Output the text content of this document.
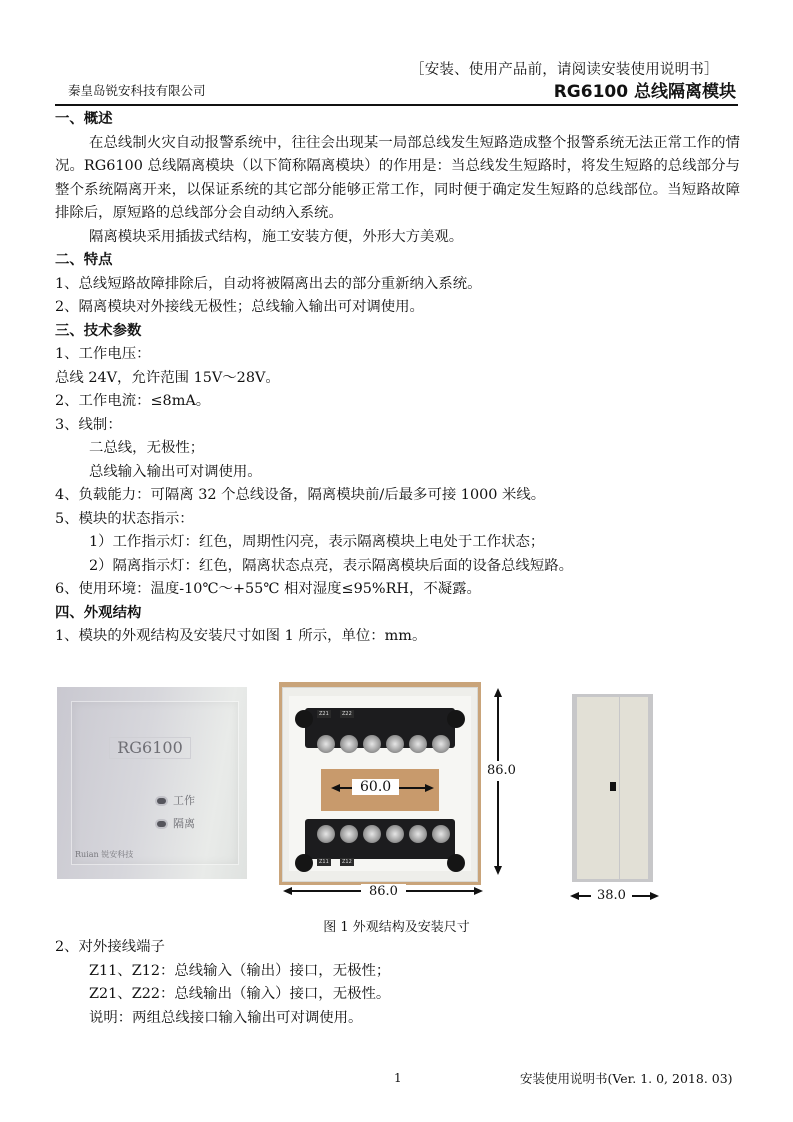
［安装、使用产品前，请阅读安装使用说明书］
秦皇岛锐安科技有限公司	RG6100 总线隔离模块

一、概述

在总线制火灾自动报警系统中，往往会出现某一局部总线发生短路造成整个报警系统无法正常工作的情况。RG6100 总线隔离模块（以下简称隔离模块）的作用是：当总线发生短路时，将发生短路的总线部分与整个系统隔离开来，以保证系统的其它部分能够正常工作，同时便于确定发生短路的总线部位。当短路故障排除后，原短路的总线部分会自动纳入系统。

隔离模块采用插拔式结构，施工安装方便，外形大方美观。

二、特点

1、总线短路故障排除后，自动将被隔离出去的部分重新纳入系统。

2、隔离模块对外接线无极性；总线输入输出可对调使用。

三、技术参数

1、工作电压：

总线 24V，允许范围 15V～28V。

2、工作电流：≤8mA。

3、线制：

二总线，无极性；

总线输入输出可对调使用。

4、负载能力：可隔离 32 个总线设备，隔离模块前/后最多可接 1000 米线。

5、模块的状态指示：

1）工作指示灯：红色，周期性闪亮，表示隔离模块上电处于工作状态；

2）隔离指示灯：红色，隔离状态点亮，表示隔离模块后面的设备总线短路。

6、使用环境：温度-10℃～+55℃ 相对湿度≤95%RH，不凝露。

四、外观结构

1、模块的外观结构及安装尺寸如图 1 所示，单位：mm。

RG6100
工作
隔离
Ruian 锐安科技
Z21	Z22
Z11	Z12
60.0
86.0
86.0	38.0
图 1 外观结构及安装尺寸

2、对外接线端子

Z11、Z12：总线输入（输出）接口，无极性；

Z21、Z22：总线输出（输入）接口，无极性。

说明：两组总线接口输入输出可对调使用。

1	安装使用说明书(Ver. 1. 0, 2018. 03)
